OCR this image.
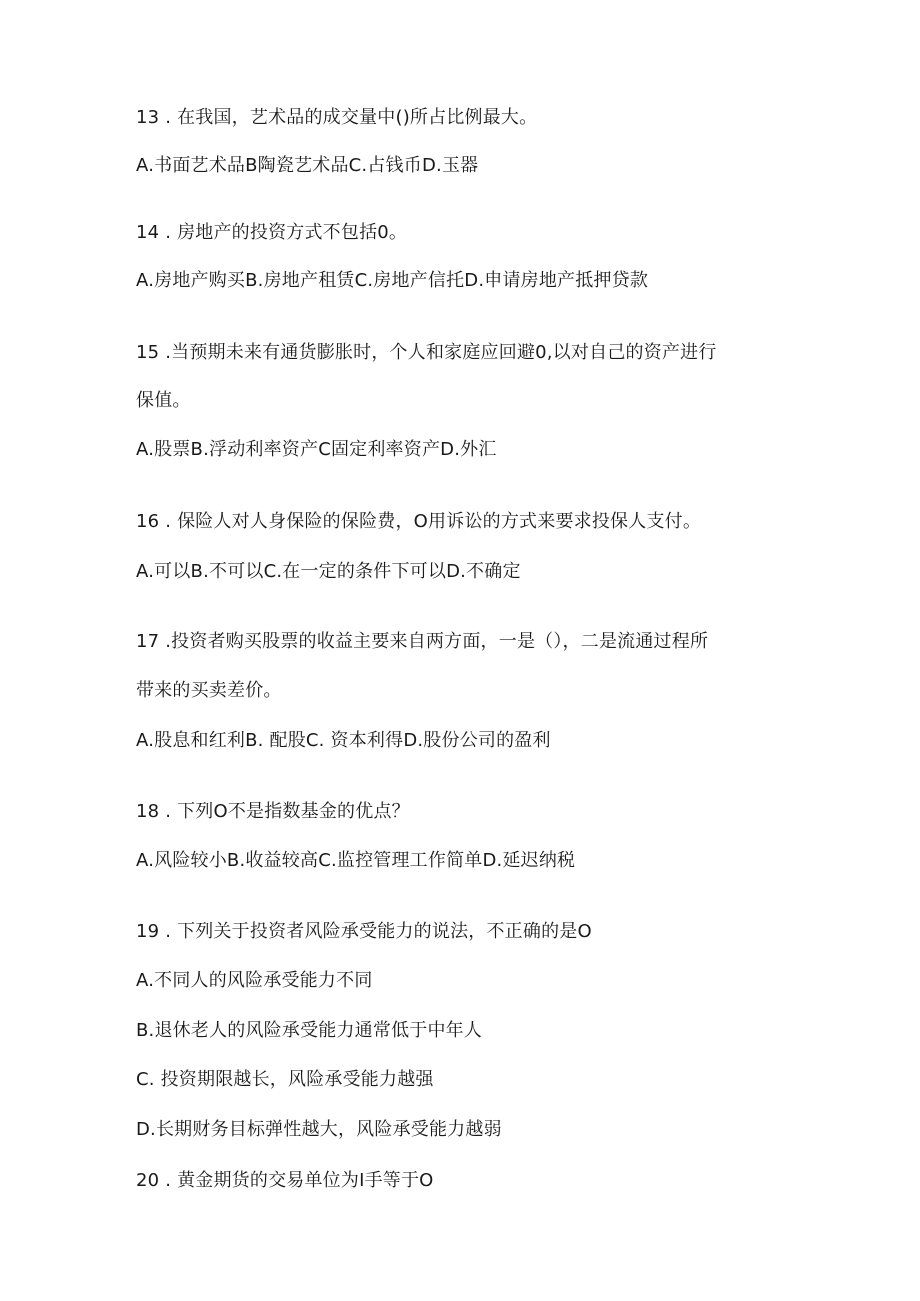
13 . 在我国，艺术品的成交量中()所占比例最大。
A.书面艺术品B陶瓷艺术品C.占钱币D.玉器
14 . 房地产的投资方式不包括0。
A.房地产购买B.房地产租赁C.房地产信托D.申请房地产抵押贷款
15 .当预期未来有通货膨胀时，个人和家庭应回避0,以对自己的资产进行
保值。
A.股票B.浮动利率资产C固定利率资产D.外汇
16 . 保险人对人身保险的保险费，O用诉讼的方式来要求投保人支付。
A.可以B.不可以C.在一定的条件下可以D.不确定
17 .投资者购买股票的收益主要来自两方面，一是（），二是流通过程所
带来的买卖差价。
A.股息和红利B. 配股C. 资本利得D.股份公司的盈利
18 . 下列O不是指数基金的优点？
A.风险较小B.收益较高C.监控管理工作简单D.延迟纳税
19 . 下列关于投资者风险承受能力的说法，不正确的是O
A.不同人的风险承受能力不同
B.退休老人的风险承受能力通常低于中年人
C. 投资期限越长，风险承受能力越强
D.长期财务目标弹性越大，风险承受能力越弱
20 . 黄金期货的交易单位为I手等于O
